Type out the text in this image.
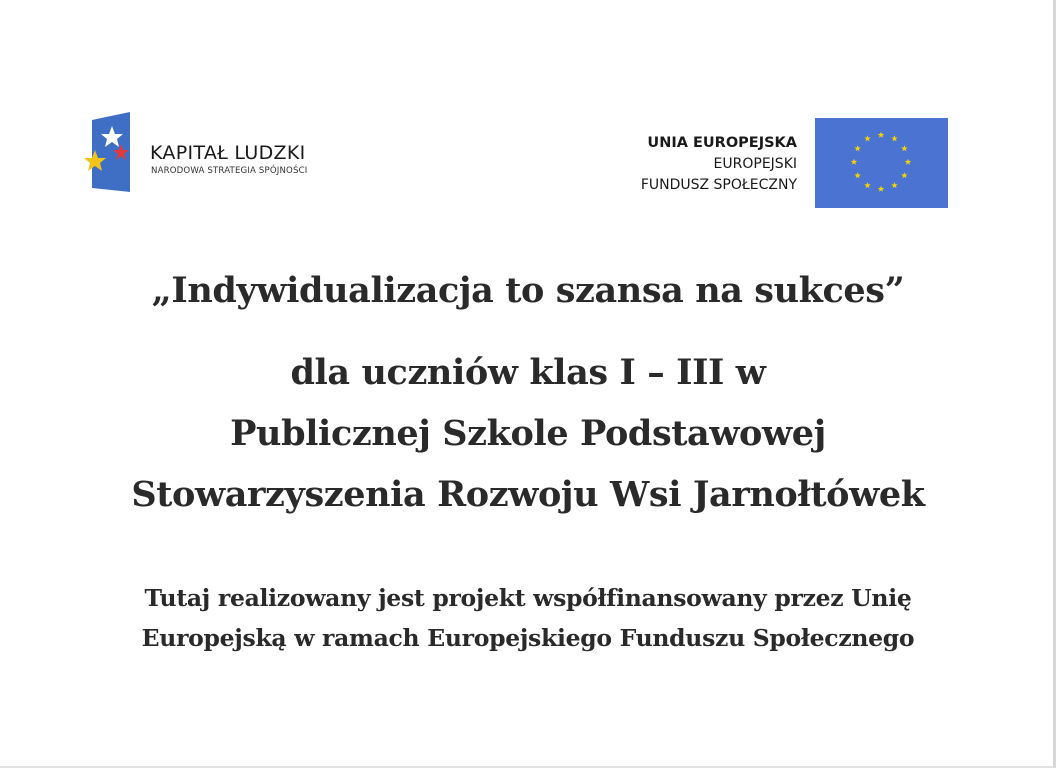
KAPITAŁ LUDZKI
NARODOWA STRATEGIA SPÓJNOŚCI
UNIA EUROPEJSKA
EUROPEJSKI
FUNDUSZ SPOŁECZNY
„Indywidualizacja to szansa na sukces”
dla uczniów klas I – III w
Publicznej Szkole Podstawowej
Stowarzyszenia Rozwoju Wsi Jarnołtówek
Tutaj realizowany jest projekt współfinansowany przez Unię
Europejską w ramach Europejskiego Funduszu Społecznego
